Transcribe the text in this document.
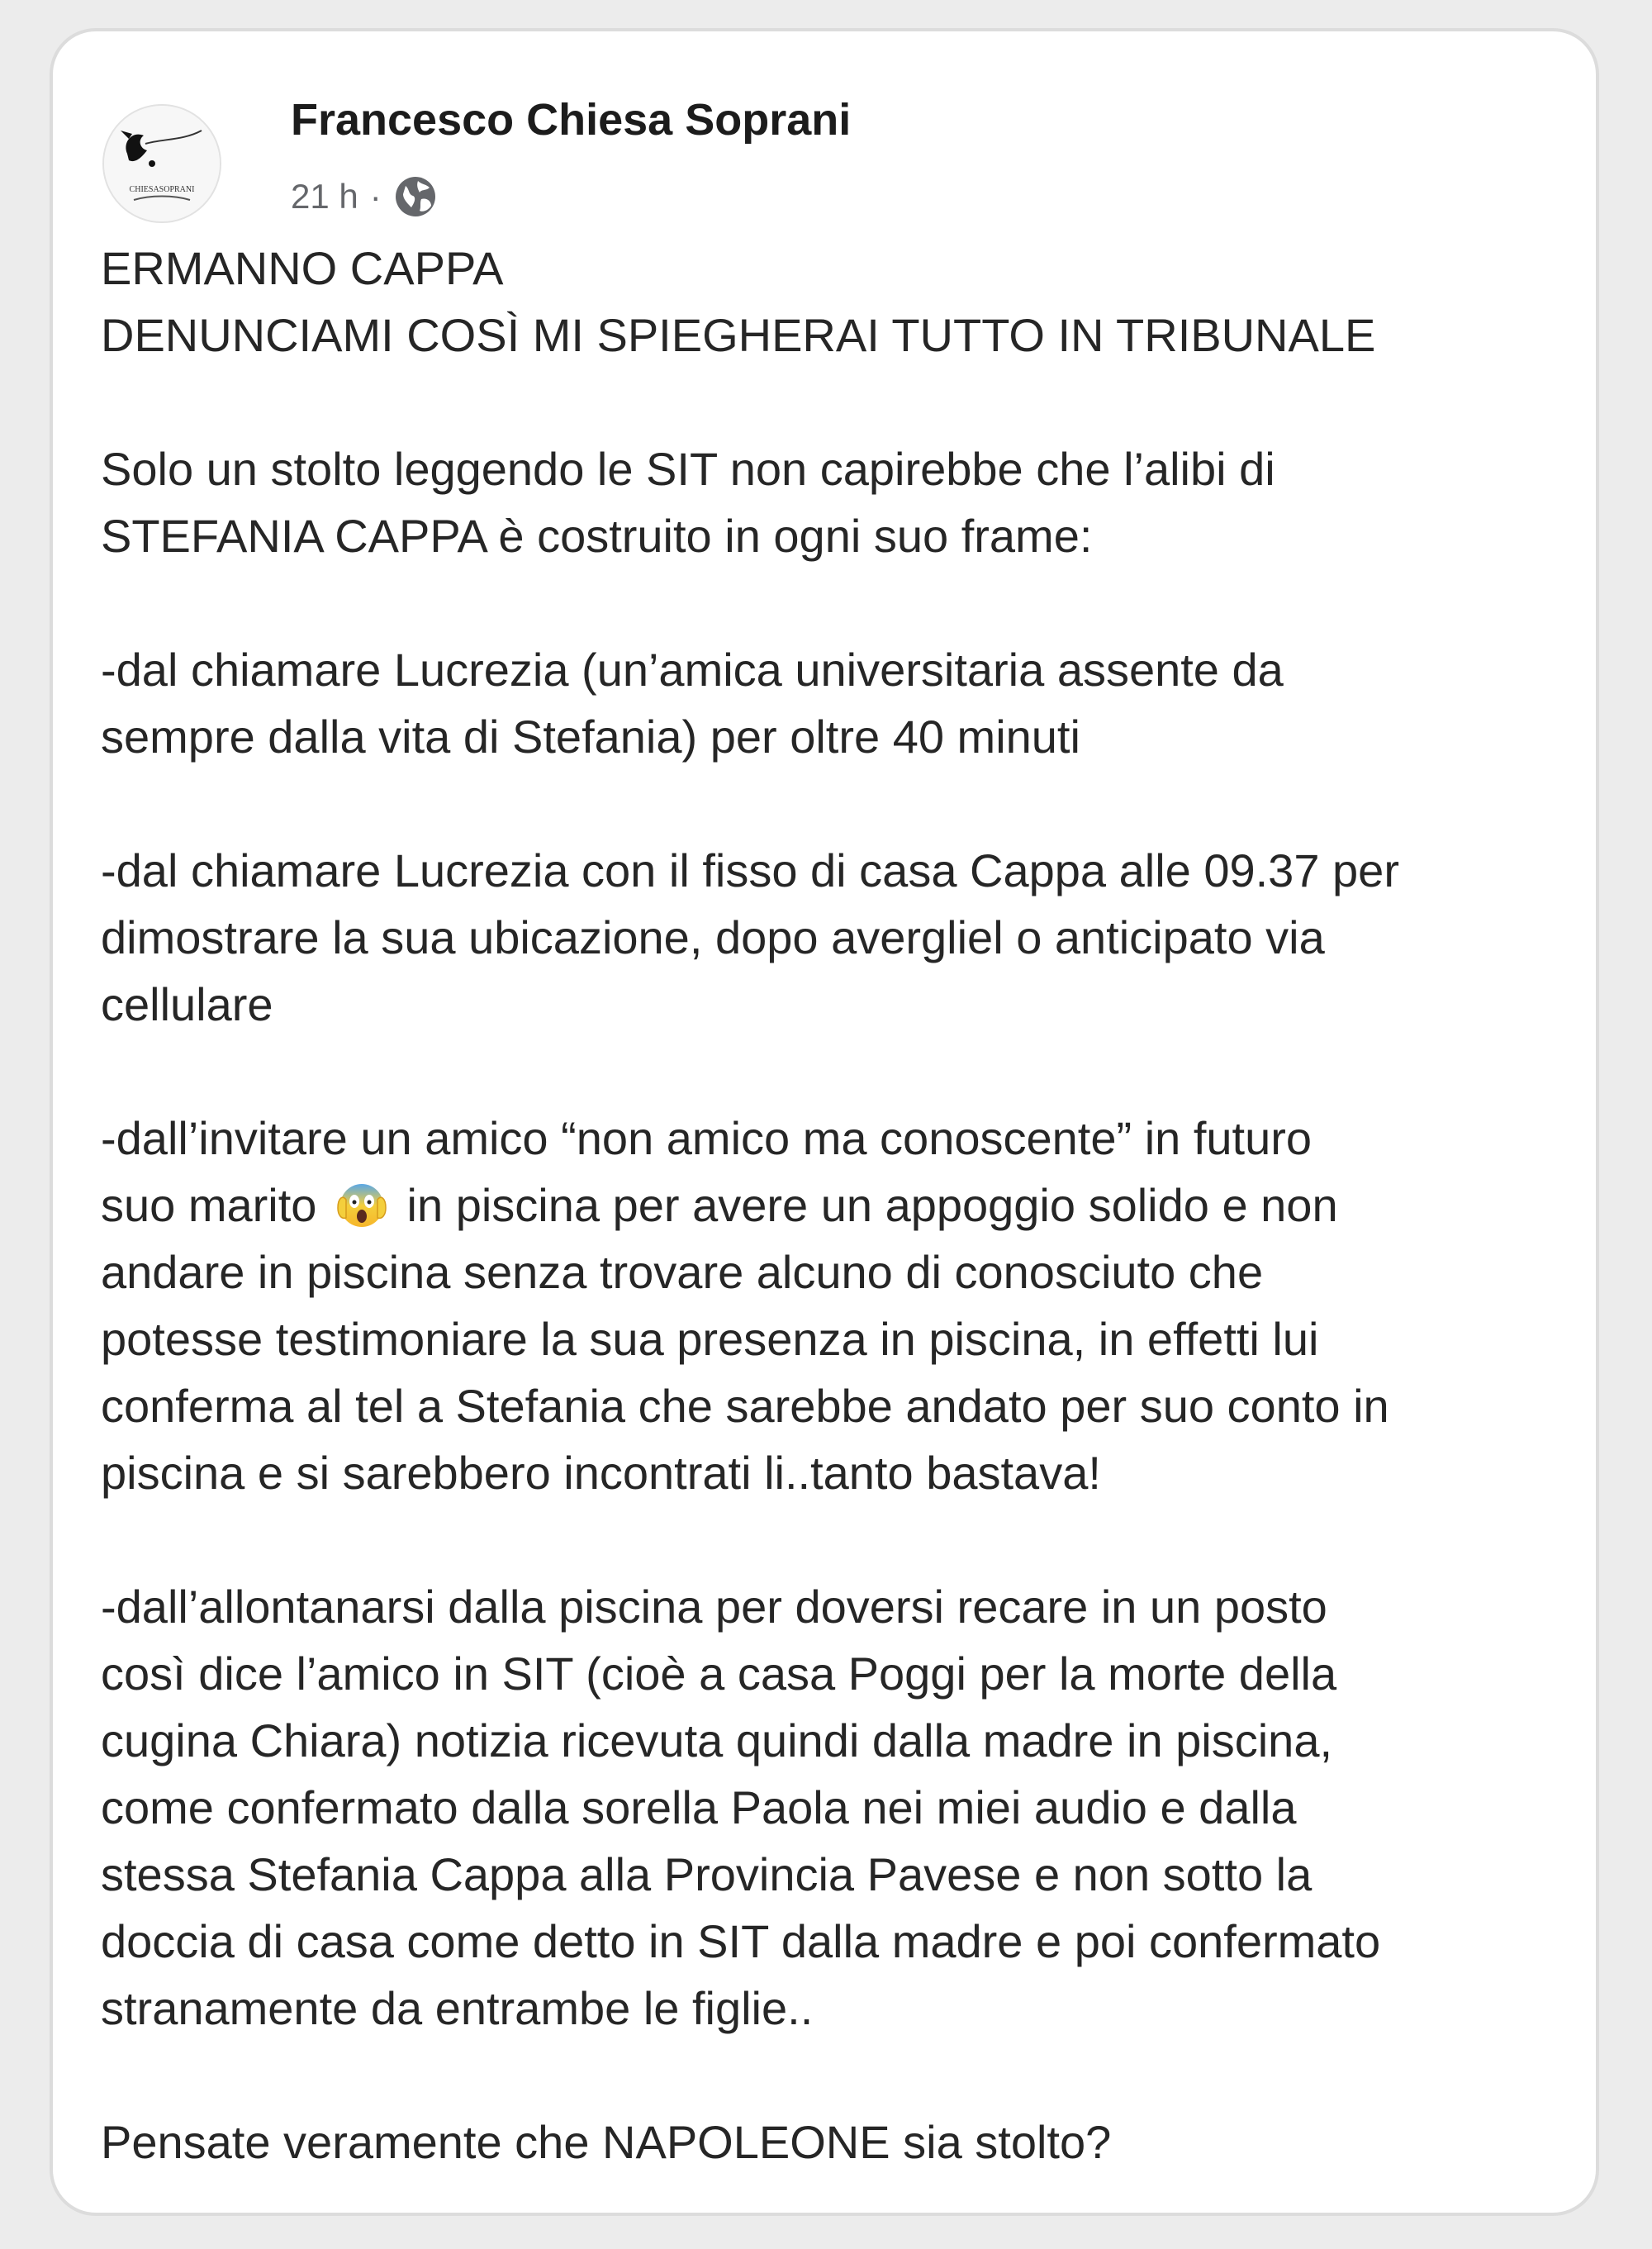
CHIESASOPRANI
Francesco Chiesa Soprani
21 h ·

ERMANNO CAPPA
DENUNCIAMI COSÌ MI SPIEGHERAI TUTTO IN TRIBUNALE

Solo un stolto leggendo le SIT non capirebbe che l’alibi di
STEFANIA CAPPA è costruito in ogni suo frame:

-dal chiamare Lucrezia (un’amica universitaria assente da
sempre dalla vita di Stefania) per oltre 40 minuti

-dal chiamare Lucrezia con il fisso di casa Cappa alle 09.37 per
dimostrare la sua ubicazione, dopo avergliel o anticipato via
cellulare

-dall’invitare un amico “non amico ma conoscente” in futuro
suo marito
in piscina per avere un appoggio solido e non
andare in piscina senza trovare alcuno di conosciuto che
potesse testimoniare la sua presenza in piscina, in effetti lui
conferma al tel a Stefania che sarebbe andato per suo conto in
piscina e si sarebbero incontrati li..tanto bastava!

-dall’allontanarsi dalla piscina per doversi recare in un posto
così dice l’amico in SIT (cioè a casa Poggi per la morte della
cugina Chiara) notizia ricevuta quindi dalla madre in piscina,
come confermato dalla sorella Paola nei miei audio e dalla
stessa Stefania Cappa alla Provincia Pavese e non sotto la
doccia di casa come detto in SIT dalla madre e poi confermato
stranamente da entrambe le figlie..

Pensate veramente che NAPOLEONE sia stolto?
